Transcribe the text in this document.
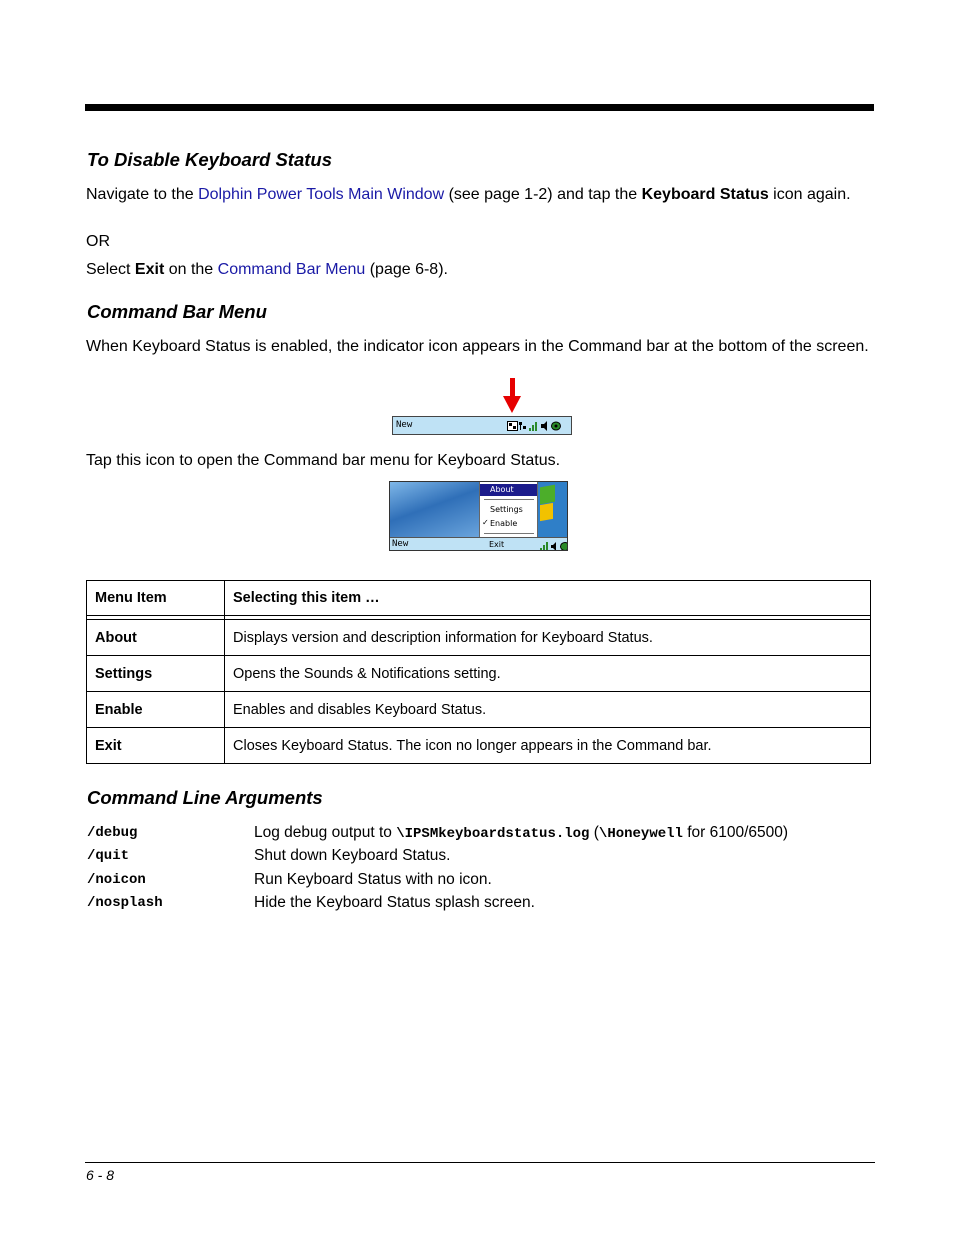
To Disable Keyboard Status

Navigate to the Dolphin Power Tools Main Window (see page 1-2) and tap the Keyboard Status icon again.

OR

Select Exit on the Command Bar Menu (page 6-8).

Command Bar Menu

When Keyboard Status is enabled, the indicator icon appears in the Command bar at the bottom of the screen.

New

Tap this icon to open the Command bar menu for Keyboard Status.

About
Settings
✓ Enable
New	Exit
Menu Item	Selecting this item …

About	Displays version and description information for Keyboard Status.
Settings	Opens the Sounds & Notifications setting.
Enable	Enables and disables Keyboard Status.
Exit	Closes Keyboard Status. The icon no longer appears in the Command bar.
Command Line Arguments
/debug	Log debug output to \IPSMkeyboardstatus.log (\Honeywell for 6100/6500)
/quit	Shut down Keyboard Status.
/noicon	Run Keyboard Status with no icon.
/nosplash	Hide the Keyboard Status splash screen.
6 - 8
